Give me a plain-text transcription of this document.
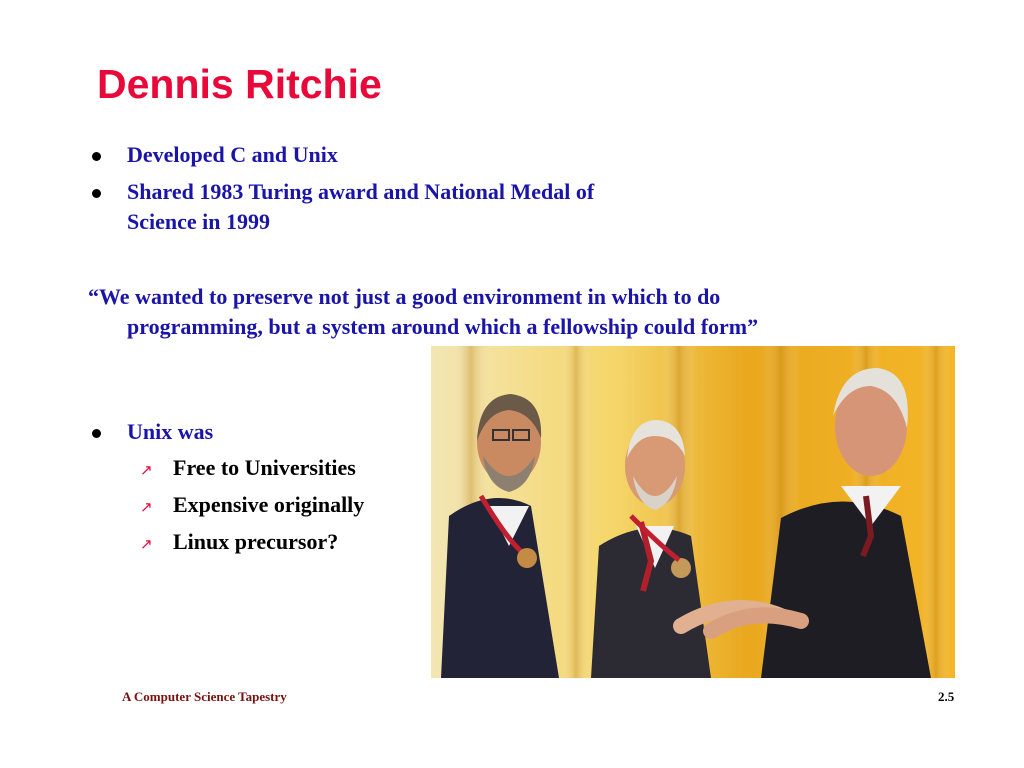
Dennis Ritchie
Developed C and Unix
Shared 1983 Turing award and National Medal of
Science in 1999
“We wanted to preserve not just a good environment in which to do programming, but a system around which a fellowship could form”
Unix was
↗ Free to Universities
↗ Expensive originally
↗ Linux precursor?
A Computer Science Tapestry	2.5
